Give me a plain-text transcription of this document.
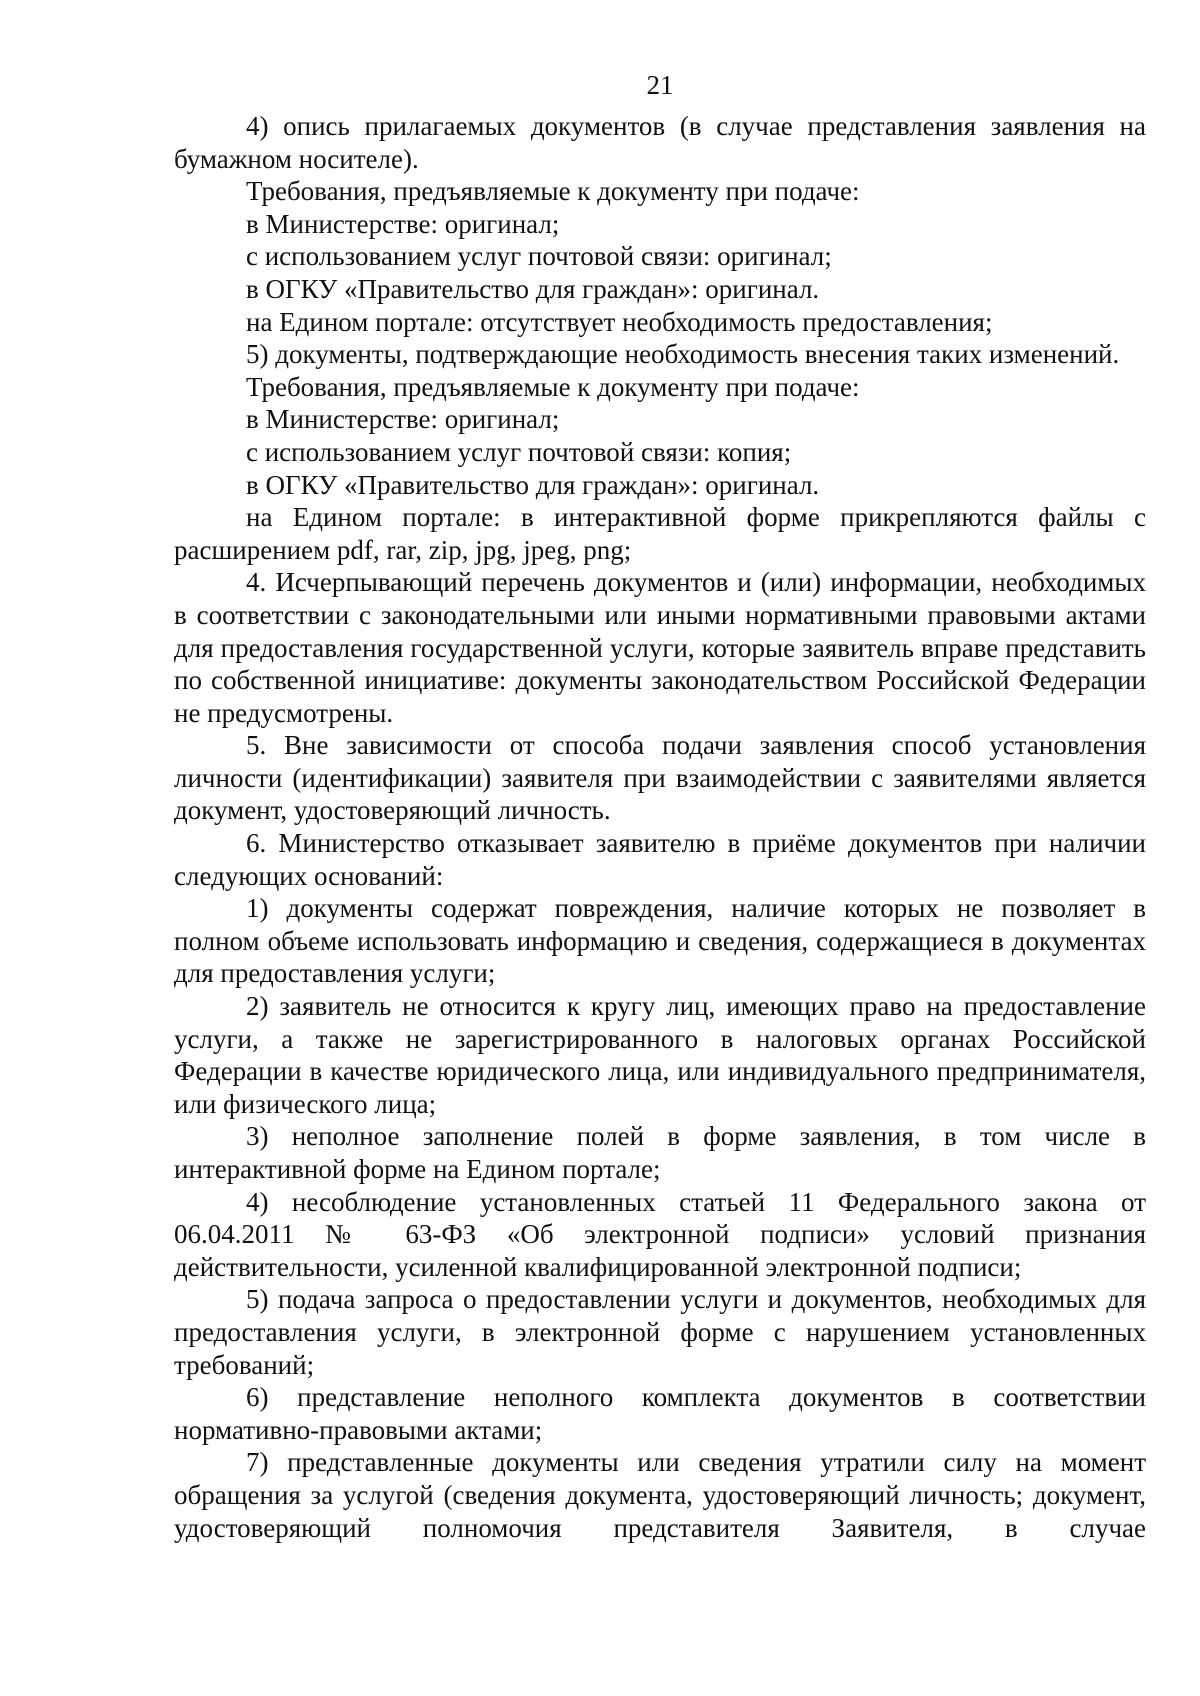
21

4) опись прилагаемых документов (в случае представления заявления на бумажном носителе).

Требования, предъявляемые к документу при подаче:

в Министерстве: оригинал;

с использованием услуг почтовой связи: оригинал;

в ОГКУ «Правительство для граждан»: оригинал.

на Едином портале: отсутствует необходимость предоставления;

5) документы, подтверждающие необходимость внесения таких изменений.

Требования, предъявляемые к документу при подаче:

в Министерстве: оригинал;

с использованием услуг почтовой связи: копия;

в ОГКУ «Правительство для граждан»: оригинал.

на Едином портале: в интерактивной форме прикрепляются файлы с расширением pdf, rar, zip, jpg, jpeg, png;

4. Исчерпывающий перечень документов и (или) информации, необходимых в соответствии с законодательными или иными нормативными правовыми актами для предоставления государственной услуги, которые заявитель вправе представить по собственной инициативе: документы законодательством Российской Федерации не предусмотрены.

5. Вне зависимости от способа подачи заявления способ установления личности (идентификации) заявителя при взаимодействии с заявителями является документ, удостоверяющий личность.

6. Министерство отказывает заявителю в приёме документов при наличии следующих оснований:

1) документы содержат повреждения, наличие которых не позволяет в полном объеме использовать информацию и сведения, содержащиеся в документах для предоставления услуги;

2) заявитель не относится к кругу лиц, имеющих право на предоставление услуги, а также не зарегистрированного в налоговых органах Российской Федерации в качестве юридического лица, или индивидуального предпринимателя, или физического лица;

3) неполное заполнение полей в форме заявления, в том числе в интерактивной форме на Едином портале;

4) несоблюдение установленных статьей 11 Федерального закона от 06.04.2011 № 63-ФЗ «Об электронной подписи» условий признания действительности, усиленной квалифицированной электронной подписи;

5) подача запроса о предоставлении услуги и документов, необходимых для предоставления услуги, в электронной форме с нарушением установленных требований;

6) представление неполного комплекта документов в соответствии нормативно-правовыми актами;

7) представленные документы или сведения утратили силу на момент обращения за услугой (сведения документа, удостоверяющий личность; документ, удостоверяющий полномочия представителя Заявителя, в случае
